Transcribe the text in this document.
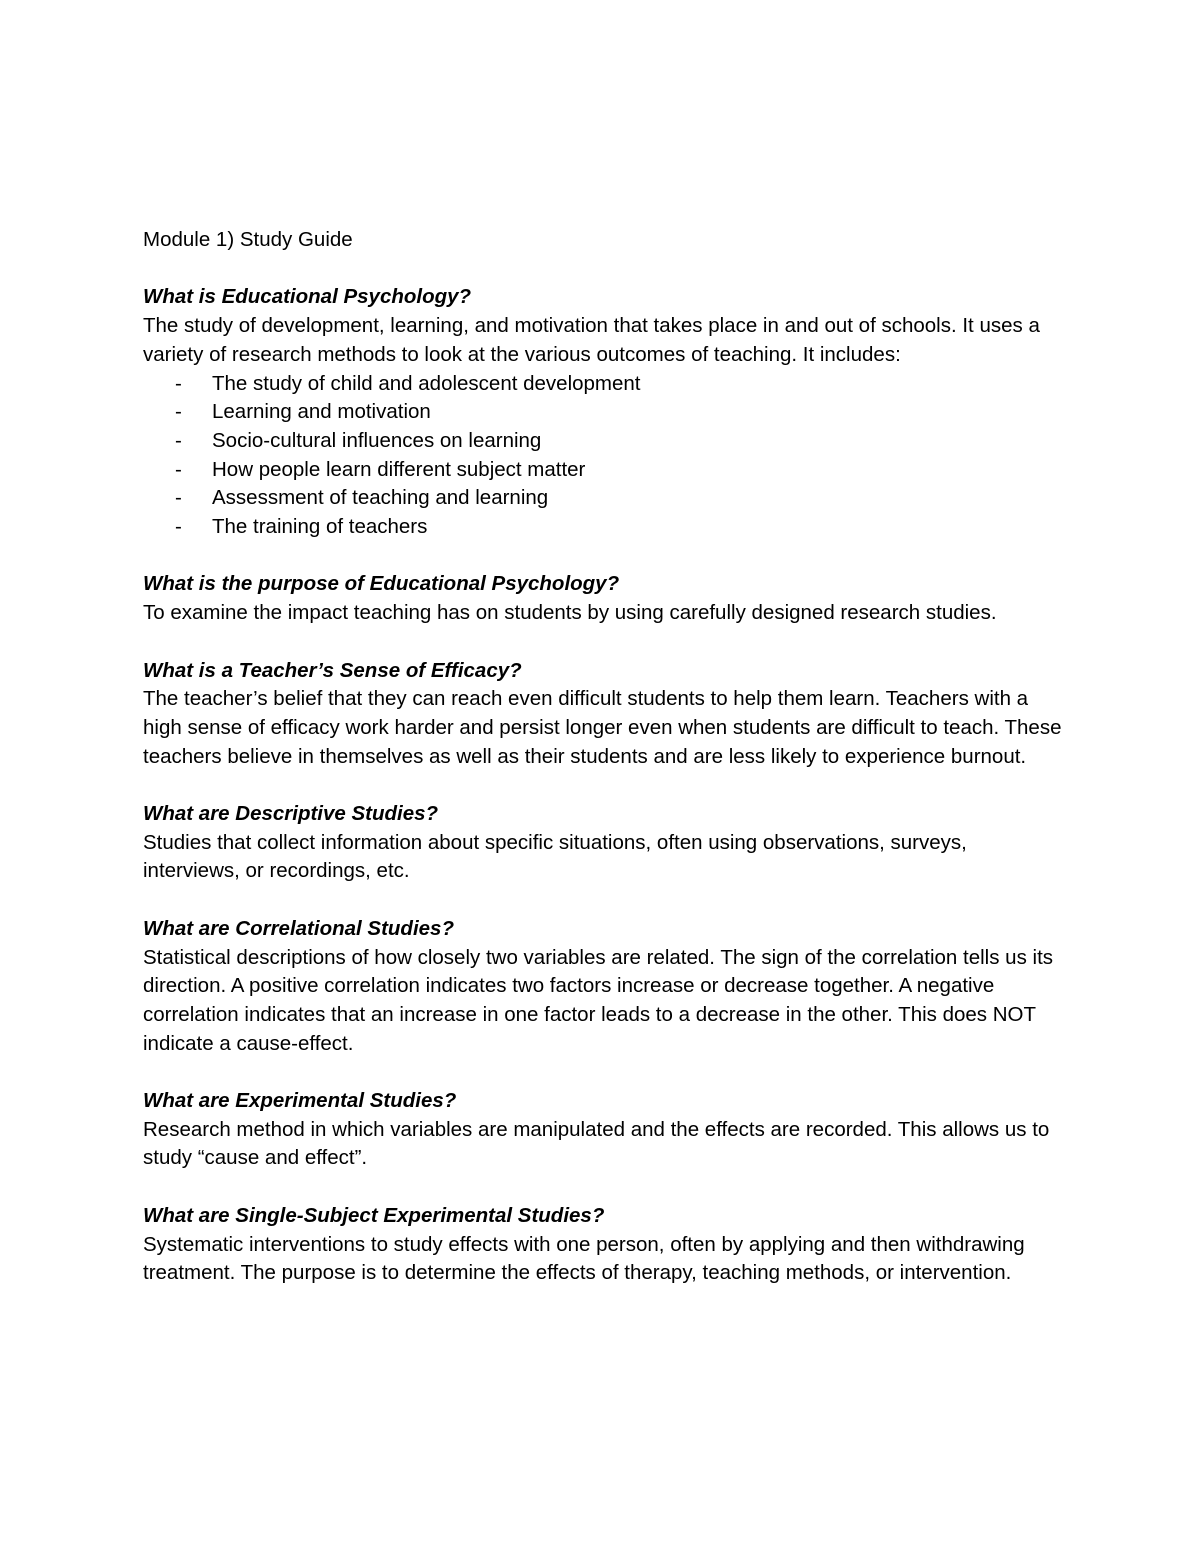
Module 1) Study Guide

What is Educational Psychology?

The study of development, learning, and motivation that takes place in and out of schools. It uses a variety of research methods to look at the various outcomes of teaching. It includes:

- The study of child and adolescent development
- Learning and motivation
- Socio-cultural influences on learning
- How people learn different subject matter
- Assessment of teaching and learning
- The training of teachers

What is the purpose of Educational Psychology?

To examine the impact teaching has on students by using carefully designed research studies.

What is a Teacher’s Sense of Efficacy?

The teacher’s belief that they can reach even difficult students to help them learn. Teachers with a high sense of efficacy work harder and persist longer even when students are difficult to teach. These teachers believe in themselves as well as their students and are less likely to experience burnout.

What are Descriptive Studies?

Studies that collect information about specific situations, often using observations, surveys, interviews, or recordings, etc.

What are Correlational Studies?

Statistical descriptions of how closely two variables are related. The sign of the correlation tells us its direction. A positive correlation indicates two factors increase or decrease together. A negative correlation indicates that an increase in one factor leads to a decrease in the other. This does NOT indicate a cause-effect.

What are Experimental Studies?

Research method in which variables are manipulated and the effects are recorded. This allows us to study “cause and effect”.

What are Single-Subject Experimental Studies?

Systematic interventions to study effects with one person, often by applying and then withdrawing treatment. The purpose is to determine the effects of therapy, teaching methods, or intervention.
